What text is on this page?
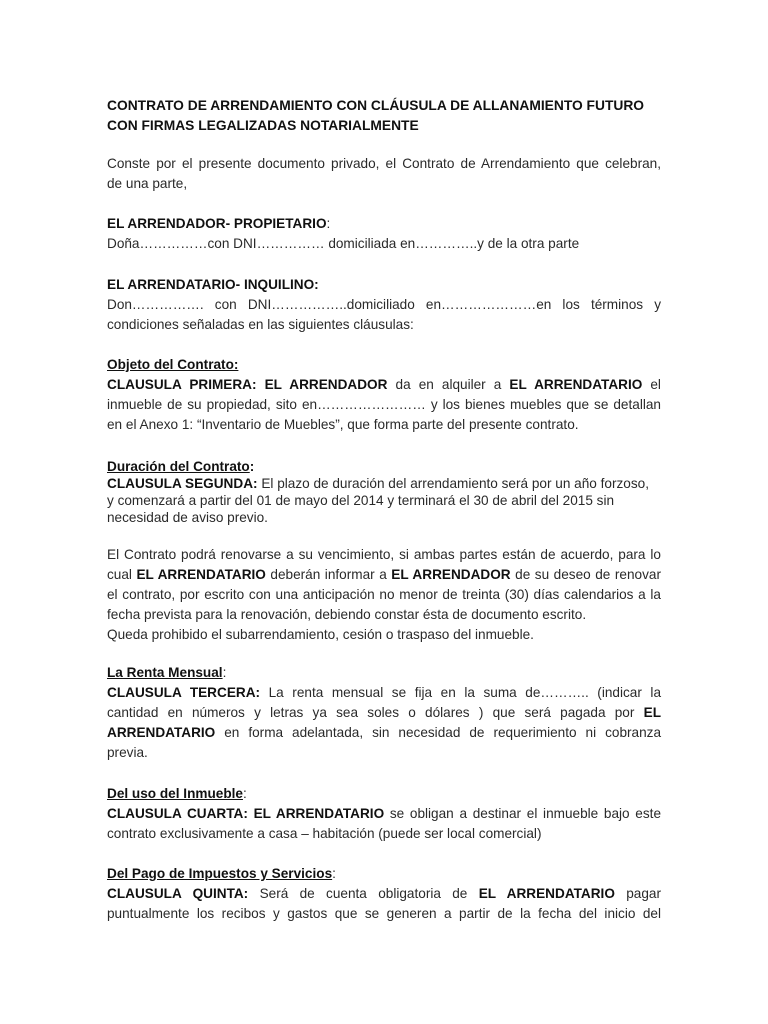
CONTRATO DE ARRENDAMIENTO CON CLÁUSULA DE ALLANAMIENTO FUTURO
CON FIRMAS LEGALIZADAS NOTARIALMENTE
Conste por el presente documento privado, el Contrato de Arrendamiento que celebran,
de una parte,
EL ARRENDADOR- PROPIETARIO:
Doña……………con DNI…………… domiciliada en…………..y de la otra parte
EL ARRENDATARIO- INQUILINO:
Don……………. con DNI……………..domiciliado en…………………en los términos y
condiciones señaladas en las siguientes cláusulas:
Objeto del Contrato:
CLAUSULA PRIMERA: EL ARRENDADOR da en alquiler a EL ARRENDATARIO el
inmueble de su propiedad, sito en…………………… y los bienes muebles que se detallan
en el Anexo 1: “Inventario de Muebles”, que forma parte del presente contrato.
Duración del Contrato:
CLAUSULA SEGUNDA: El plazo de duración del arrendamiento será por un año forzoso,
y comenzará a partir del 01 de mayo del 2014 y terminará el 30 de abril del 2015 sin
necesidad de aviso previo.
El Contrato podrá renovarse a su vencimiento, si ambas partes están de acuerdo, para lo
cual EL ARRENDATARIO deberán informar a EL ARRENDADOR de su deseo de renovar
el contrato, por escrito con una anticipación no menor de treinta (30) días calendarios a la
fecha prevista para la renovación, debiendo constar ésta de documento escrito.
Queda prohibido el subarrendamiento, cesión o traspaso del inmueble.
La Renta Mensual:
CLAUSULA TERCERA: La renta mensual se fija en la suma de……….. (indicar la
cantidad en números y letras ya sea soles o dólares ) que será pagada por EL
ARRENDATARIO en forma adelantada, sin necesidad de requerimiento ni cobranza
previa.
Del uso del Inmueble:
CLAUSULA CUARTA: EL ARRENDATARIO se obligan a destinar el inmueble bajo este
contrato exclusivamente a casa – habitación (puede ser local comercial)
Del Pago de Impuestos y Servicios:
CLAUSULA QUINTA: Será de cuenta obligatoria de EL ARRENDATARIO pagar
puntualmente los recibos y gastos que se generen a partir de la fecha del inicio del
